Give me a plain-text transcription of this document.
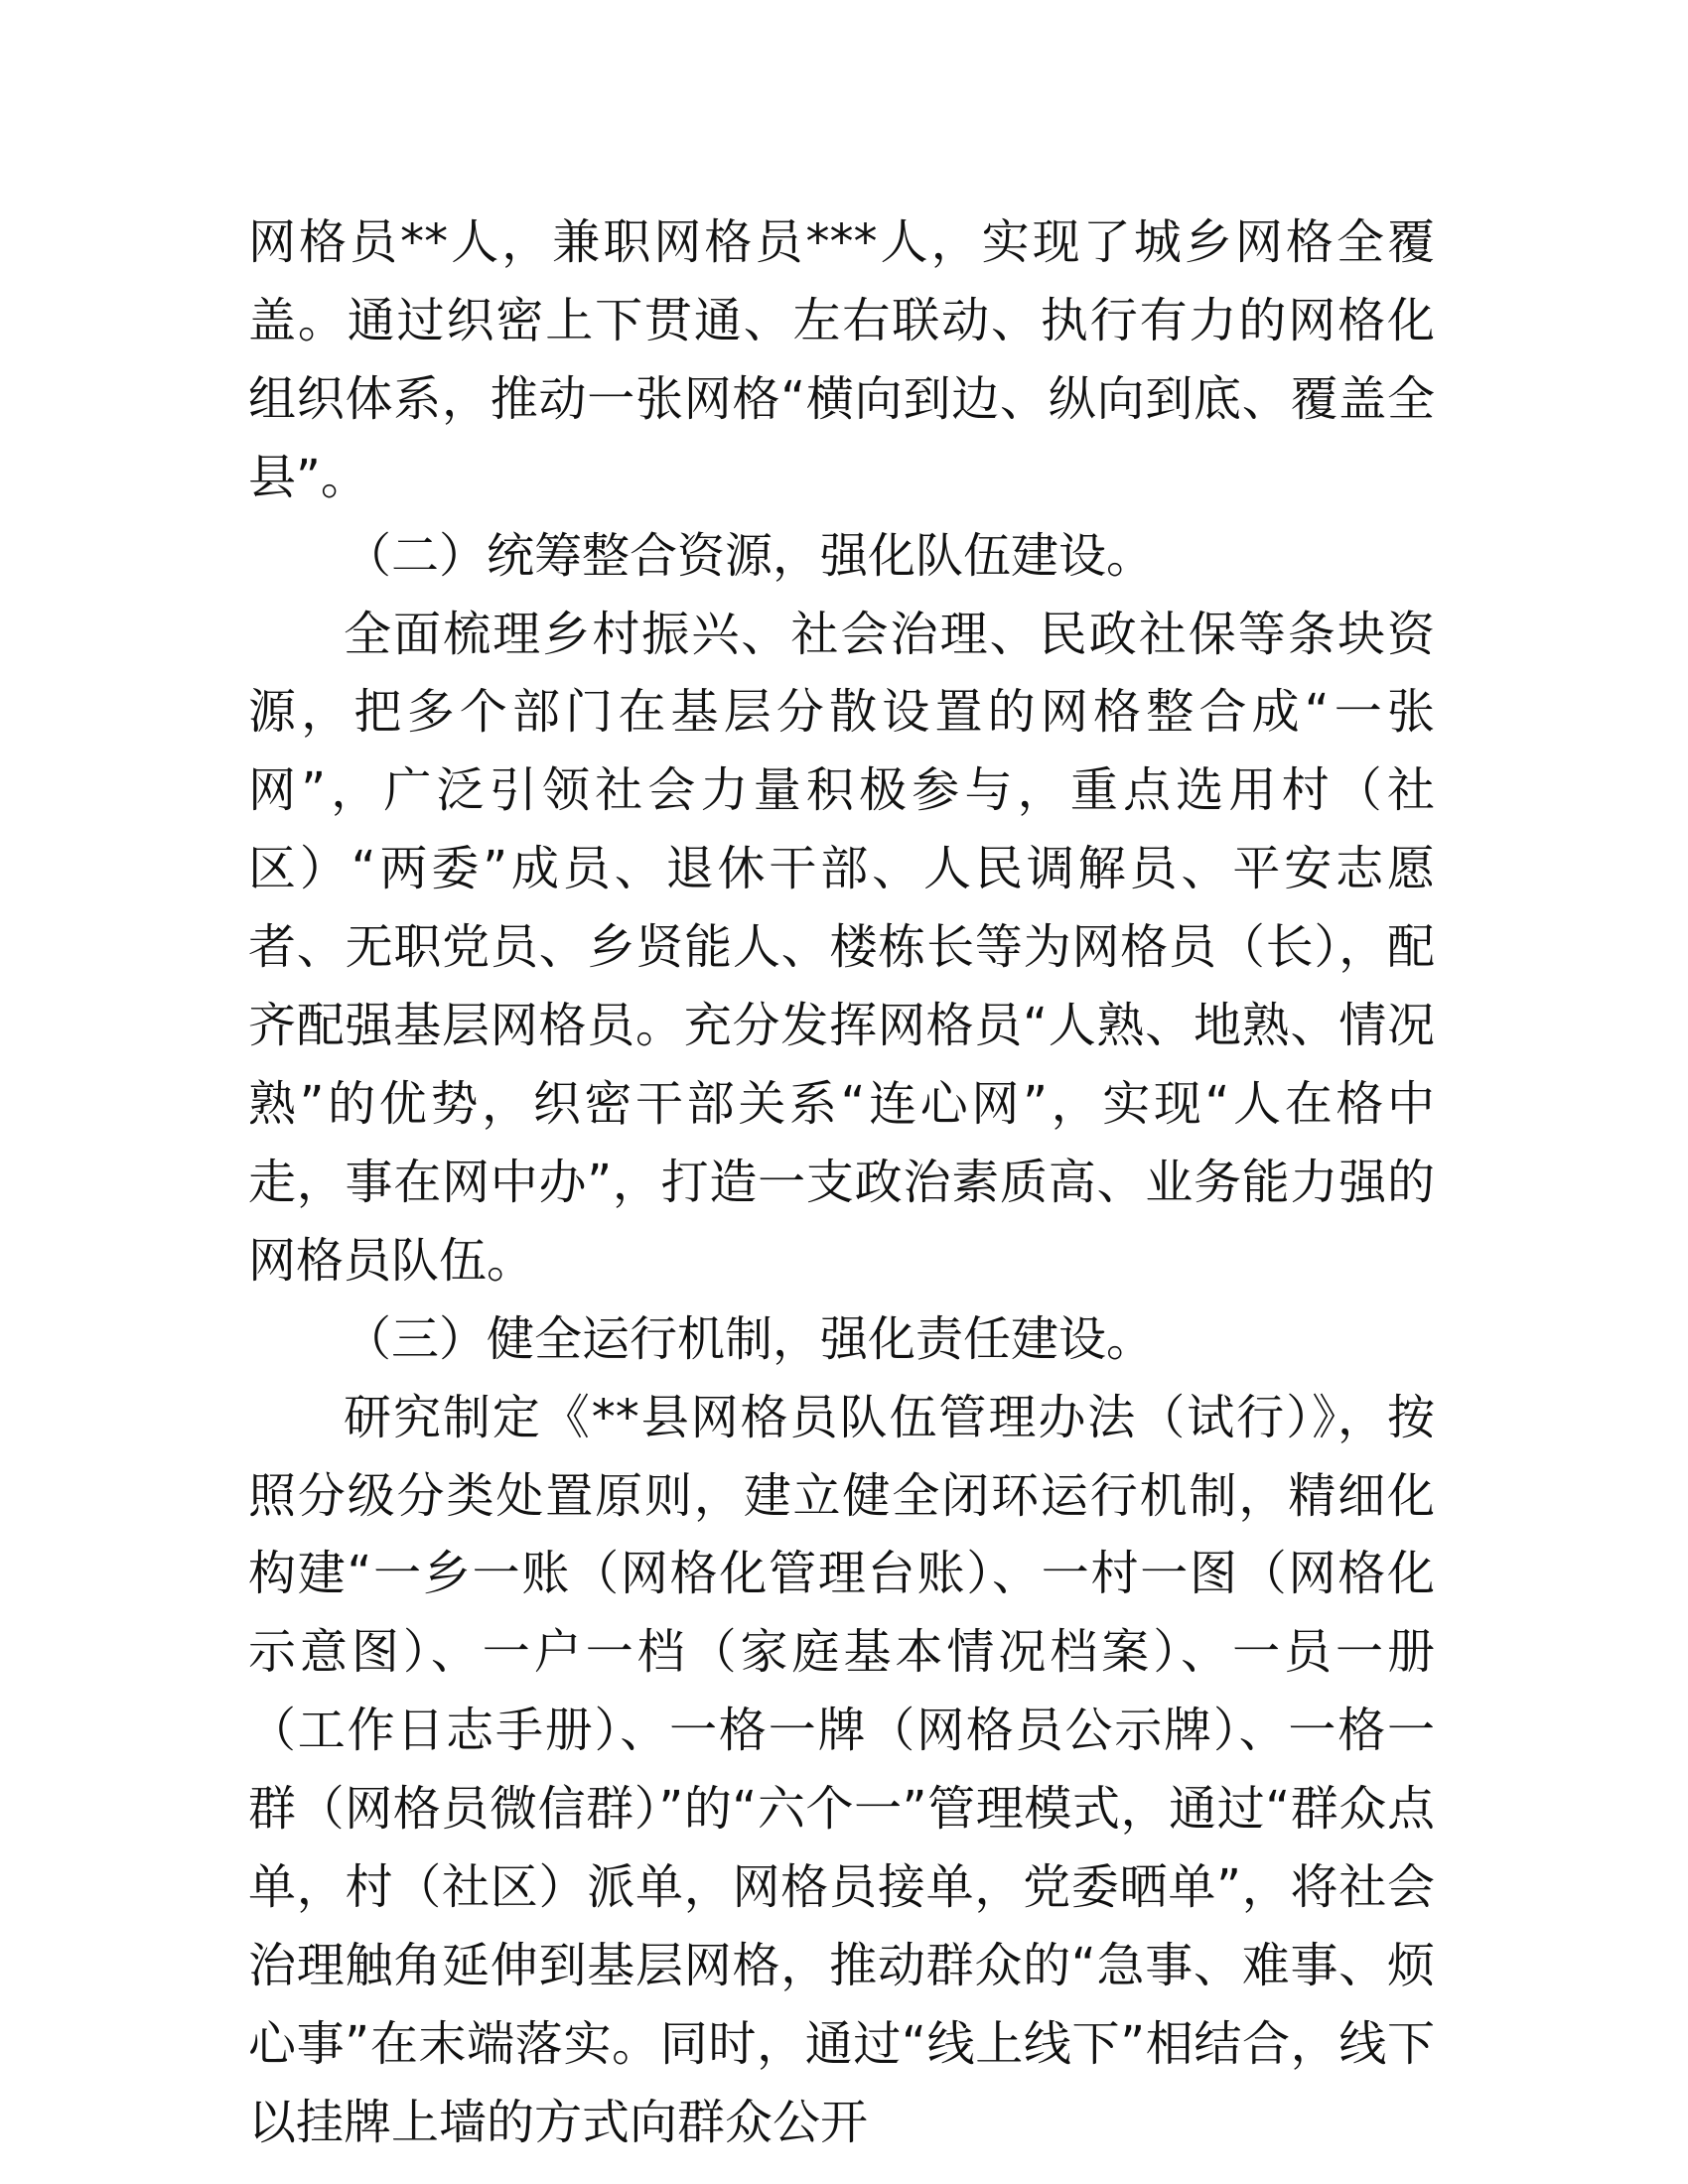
网格员**人，兼职网格员***人，实现了城乡网格全覆盖。通过织密上下贯通、左右联动、执行有力的网格化组织体系，推动一张网格“横向到边、纵向到底、覆盖全县”。

（二）统筹整合资源，强化队伍建设。

全面梳理乡村振兴、社会治理、民政社保等条块资源，把多个部门在基层分散设置的网格整合成“一张网”，广泛引领社会力量积极参与，重点选用村（社区）“两委”成员、退休干部、人民调解员、平安志愿者、无职党员、乡贤能人、楼栋长等为网格员（长），配齐配强基层网格员。充分发挥网格员“人熟、地熟、情况熟”的优势，织密干部关系“连心网”，实现“人在格中走，事在网中办”，打造一支政治素质高、业务能力强的网格员队伍。

（三）健全运行机制，强化责任建设。

研究制定《**县网格员队伍管理办法（试行）》，按照分级分类处置原则，建立健全闭环运行机制，精细化构建“一乡一账（网格化管理台账）、一村一图（网格化示意图）、一户一档（家庭基本情况档案）、一员一册（工作日志手册）、一格一牌（网格员公示牌）、一格一群（网格员微信群）”的“六个一”管理模式，通过“群众点单，村（社区）派单，网格员接单，党委晒单”，将社会治理触角延伸到基层网格，推动群众的“急事、难事、烦心事”在末端落实。同时，通过“线上线下”相结合，线下以挂牌上墙的方式向群众公开
